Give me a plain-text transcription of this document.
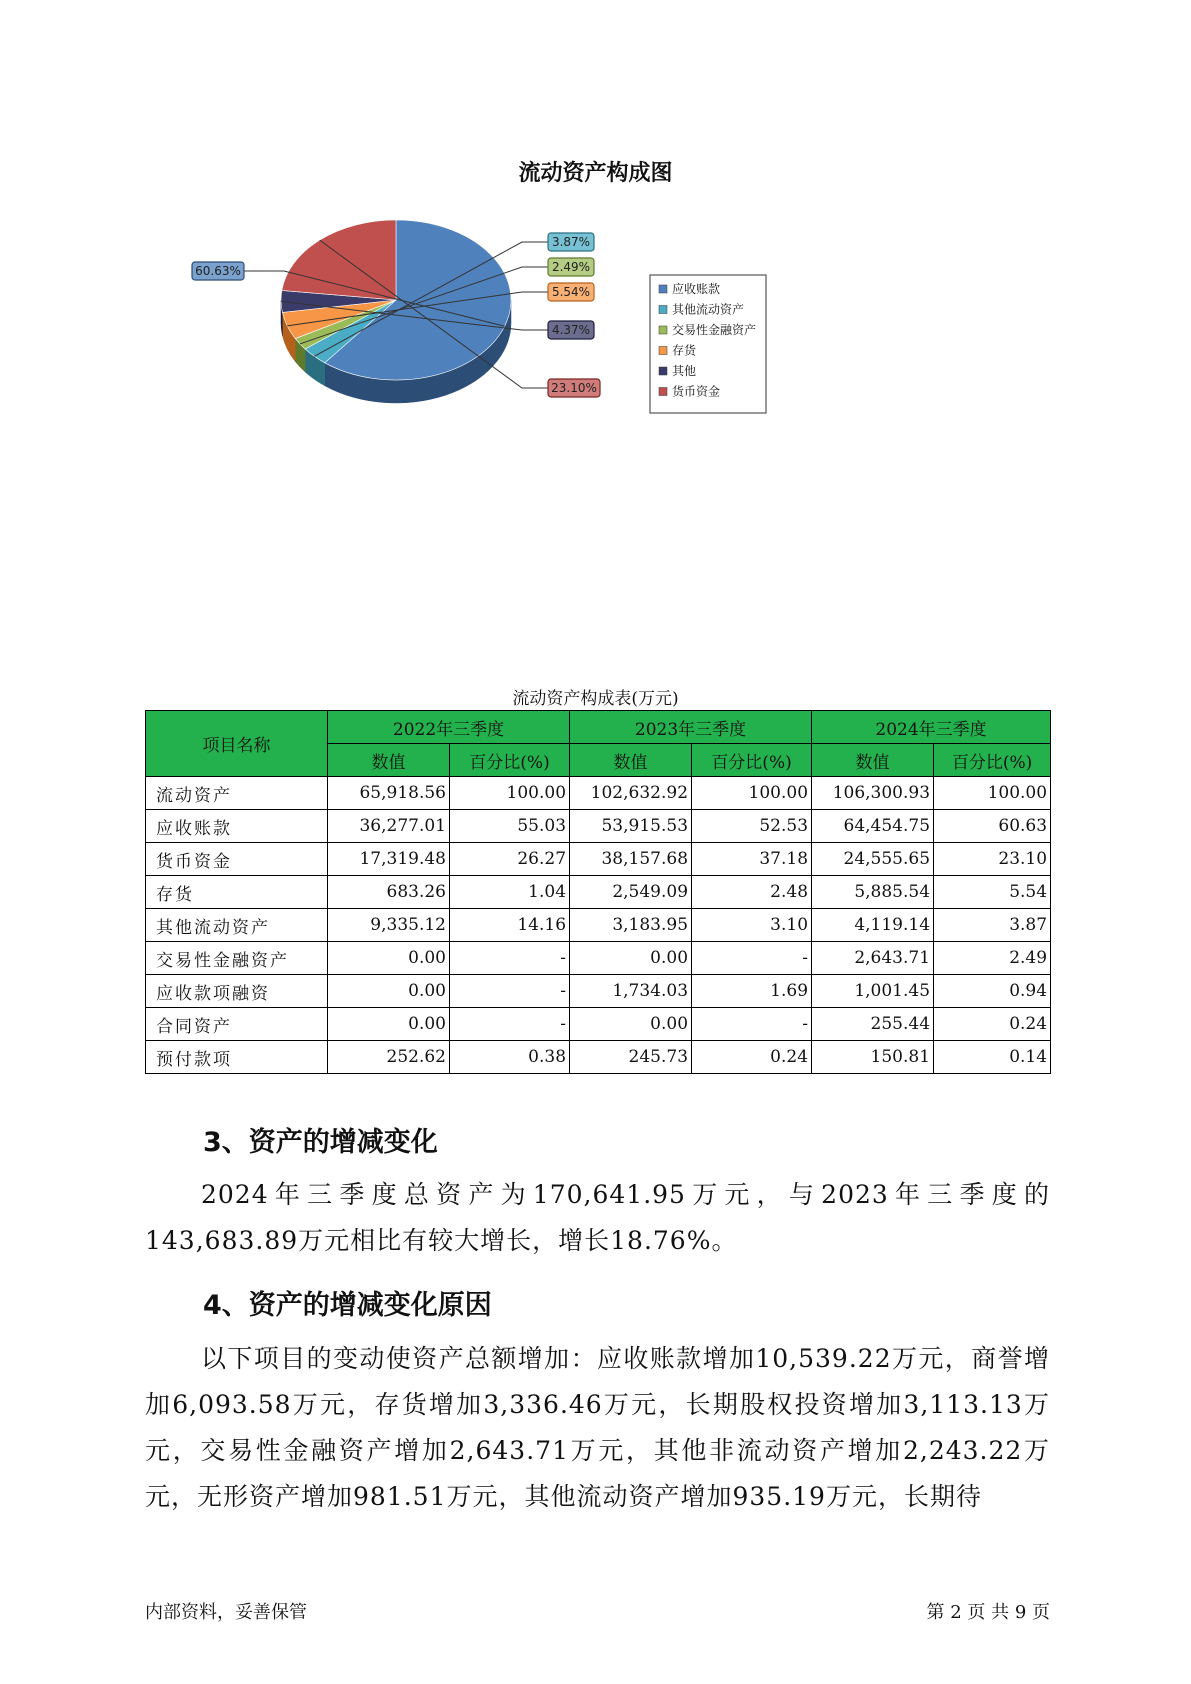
流动资产构成图
60.63%
3.87%
2.49%
5.54%
4.37%
23.10%
应收账款
其他流动资产
交易性金融资产
存货
其他
货币资金
流动资产构成表(万元)
项目名称	2022年三季度		2023年三季度		2024年三季度	
	数值	百分比(%)	数值	百分比(%)	数值	百分比(%)
流动资产	65,918.56	100.00	102,632.92	100.00	106,300.93	100.00
应收账款	36,277.01	55.03	53,915.53	52.53	64,454.75	60.63
货币资金	17,319.48	26.27	38,157.68	37.18	24,555.65	23.10
存货	683.26	1.04	2,549.09	2.48	5,885.54	5.54
其他流动资产	9,335.12	14.16	3,183.95	3.10	4,119.14	3.87
交易性金融资产	0.00	-	0.00	-	2,643.71	2.49
应收款项融资	0.00	-	1,734.03	1.69	1,001.45	0.94
合同资产	0.00	-	0.00	-	255.44	0.24
预付款项	252.62	0.38	245.73	0.24	150.81	0.14
3、资产的增减变化
2024年三季度总资产为170,641.95万元，与2023年三季度的143,683.89万元相比有较大增长，增长18.76%。
4、资产的增减变化原因
以下项目的变动使资产总额增加：应收账款增加10,539.22万元，商誉增加6,093.58万元，存货增加3,336.46万元，长期股权投资增加3,113.13万元，交易性金融资产增加2,643.71万元，其他非流动资产增加2,243.22万元，无形资产增加981.51万元，其他流动资产增加935.19万元，长期待
内部资料，妥善保管	第 2 页 共 9 页
